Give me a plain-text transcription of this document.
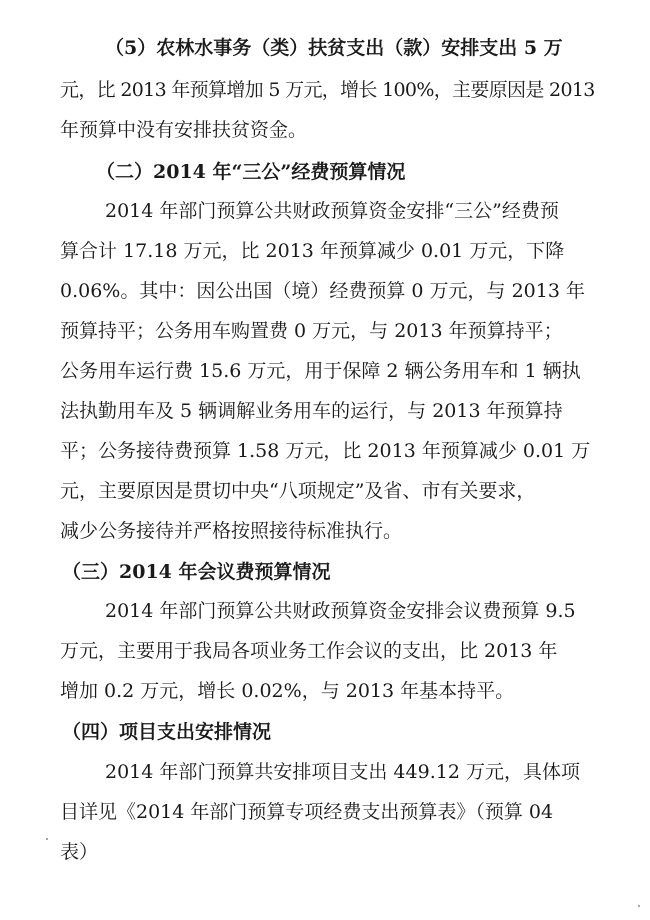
（5）农林水事务（类）扶贫支出（款）安排支出 5 万
元，比 2013 年预算增加 5 万元，增长 100%，主要原因是 2013
年预算中没有安排扶贫资金。
（二）2014 年“三公”经费预算情况
2014 年部门预算公共财政预算资金安排“三公”经费预
算合计 17.18 万元，比 2013 年预算减少 0.01 万元，下降
0.06%。其中：因公出国（境）经费预算 0 万元，与 2013 年
预算持平；公务用车购置费 0 万元，与 2013 年预算持平；
公务用车运行费 15.6 万元，用于保障 2 辆公务用车和 1 辆执
法执勤用车及 5 辆调解业务用车的运行，与 2013 年预算持
平；公务接待费预算 1.58 万元，比 2013 年预算减少 0.01 万
元，主要原因是贯切中央“八项规定”及省、市有关要求，
减少公务接待并严格按照接待标准执行。
（三）2014 年会议费预算情况
2014 年部门预算公共财政预算资金安排会议费预算 9.5
万元，主要用于我局各项业务工作会议的支出，比 2013 年
增加 0.2 万元，增长 0.02%，与 2013 年基本持平。
（四）项目支出安排情况
2014 年部门预算共安排项目支出 449.12 万元，具体项
目详见《2014 年部门预算专项经费支出预算表》（预算 04
表）
